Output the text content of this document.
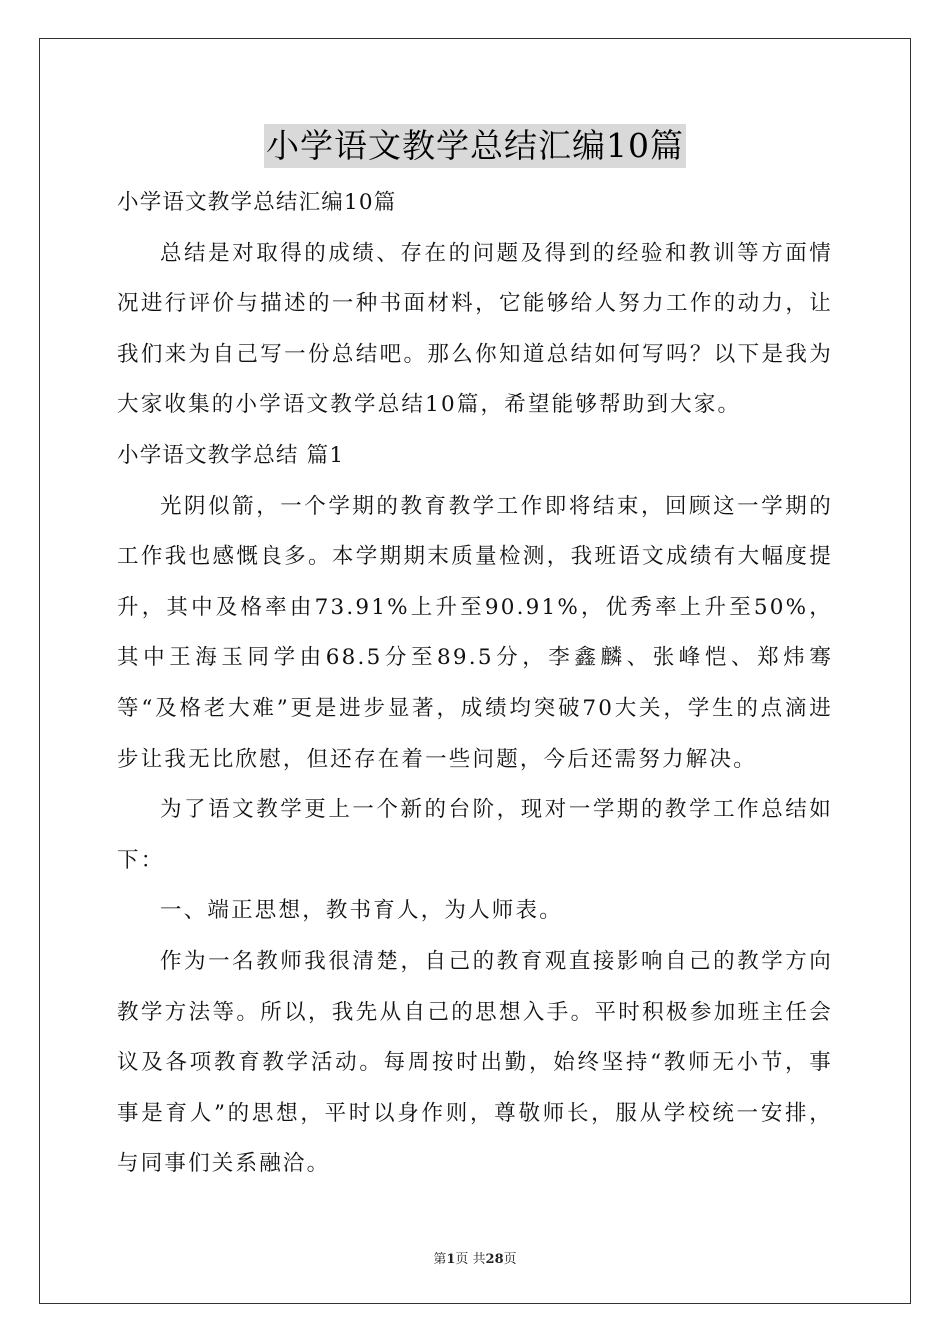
小学语文教学总结汇编10篇

小学语文教学总结汇编10篇

总结是对取得的成绩、存在的问题及得到的经验和教训等方面情况进行评价与描述的一种书面材料，它能够给人努力工作的动力，让我们来为自己写一份总结吧。那么你知道总结如何写吗？以下是我为大家收集的小学语文教学总结10篇，希望能够帮助到大家。

小学语文教学总结 篇1

光阴似箭，一个学期的教育教学工作即将结束，回顾这一学期的工作我也感慨良多。本学期期末质量检测，我班语文成绩有大幅度提升，其中及格率由73.91%上升至90.91%，优秀率上升至50%，其中王海玉同学由68.5分至89.5分，李鑫麟、张峰恺、郑炜骞等“及格老大难”更是进步显著，成绩均突破70大关，学生的点滴进步让我无比欣慰，但还存在着一些问题，今后还需努力解决。

为了语文教学更上一个新的台阶，现对一学期的教学工作总结如下：

一、端正思想，教书育人，为人师表。

作为一名教师我很清楚，自己的教育观直接影响自己的教学方向教学方法等。所以，我先从自己的思想入手。平时积极参加班主任会议及各项教育教学活动。每周按时出勤，始终坚持“教师无小节，事事是育人”的思想，平时以身作则，尊敬师长，服从学校统一安排，与同事们关系融洽。

第1页 共28页
